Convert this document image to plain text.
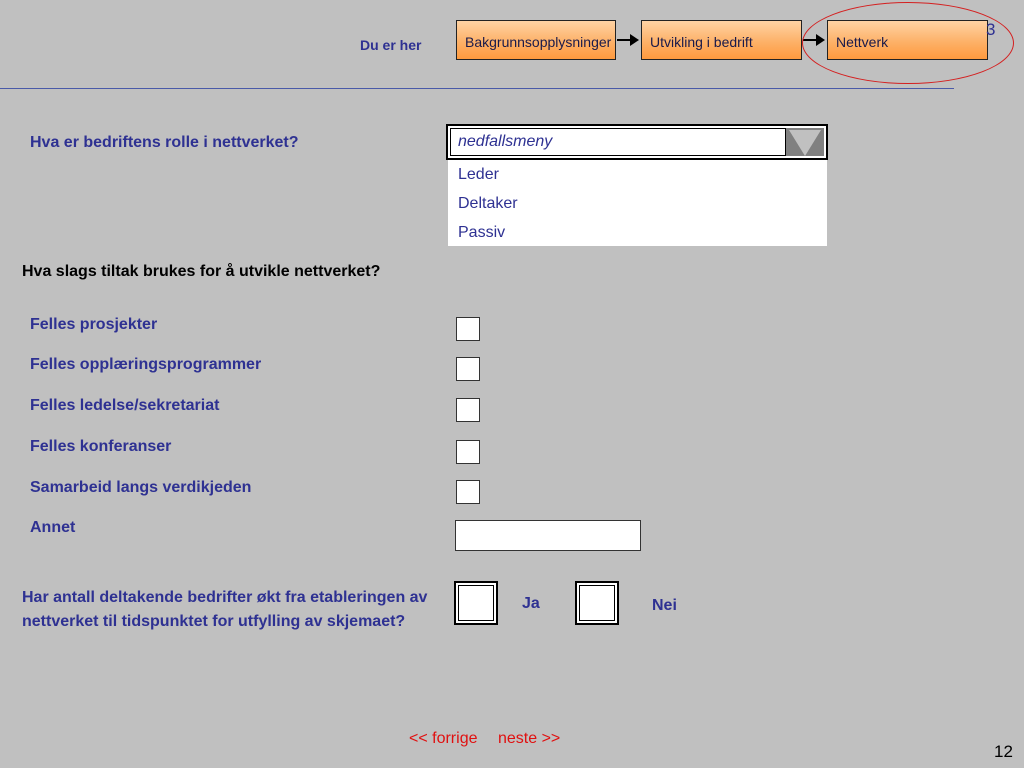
Du er her	Bakgrunnsopplysninger	Utvikling i bedrift	Nettverk
3
Hva er bedriftens rolle i nettverket?	nedfallsmeny
Leder
Deltaker
Passiv
Hva slags tiltak brukes for å utvikle nettverket?
Felles prosjekter
Felles opplæringsprogrammer
Felles ledelse/sekretariat
Felles konferanser
Samarbeid langs verdikjeden
Annet
Har antall deltakende bedrifter økt fra etableringen av nettverket til tidspunktet for utfylling av skjemaet?
Ja	Nei
<< forrige neste >>
12
